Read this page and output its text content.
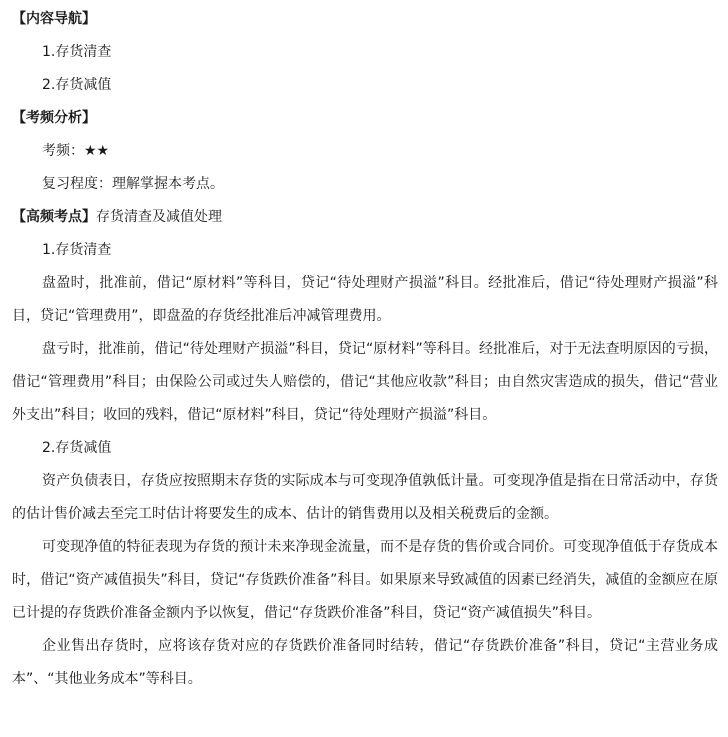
【内容导航】
1.存货清查
2.存货减值
【考频分析】
考频：★★
复习程度：理解掌握本考点。
【高频考点】存货清查及减值处理
1.存货清查
盘盈时，批准前，借记“原材料”等科目，贷记“待处理财产损溢”科目。经批准后，借记“待处理财产损溢”科目，贷记“管理费用”，即盘盈的存货经批准后冲减管理费用。
盘亏时，批准前，借记“待处理财产损溢”科目，贷记“原材料”等科目。经批准后，对于无法查明原因的亏损，借记“管理费用”科目；由保险公司或过失人赔偿的，借记“其他应收款”科目；由自然灾害造成的损失，借记“营业外支出”科目；收回的残料，借记“原材料”科目，贷记“待处理财产损溢”科目。
2.存货减值
资产负债表日，存货应按照期末存货的实际成本与可变现净值孰低计量。可变现净值是指在日常活动中，存货的估计售价减去至完工时估计将要发生的成本、估计的销售费用以及相关税费后的金额。
可变现净值的特征表现为存货的预计未来净现金流量，而不是存货的售价或合同价。可变现净值低于存货成本时，借记“资产减值损失”科目，贷记“存货跌价准备”科目。如果原来导致减值的因素已经消失，减值的金额应在原已计提的存货跌价准备金额内予以恢复，借记“存货跌价准备”科目，贷记“资产减值损失”科目。
企业售出存货时，应将该存货对应的存货跌价准备同时结转，借记“存货跌价准备”科目，贷记“主营业务成本”、“其他业务成本”等科目。
